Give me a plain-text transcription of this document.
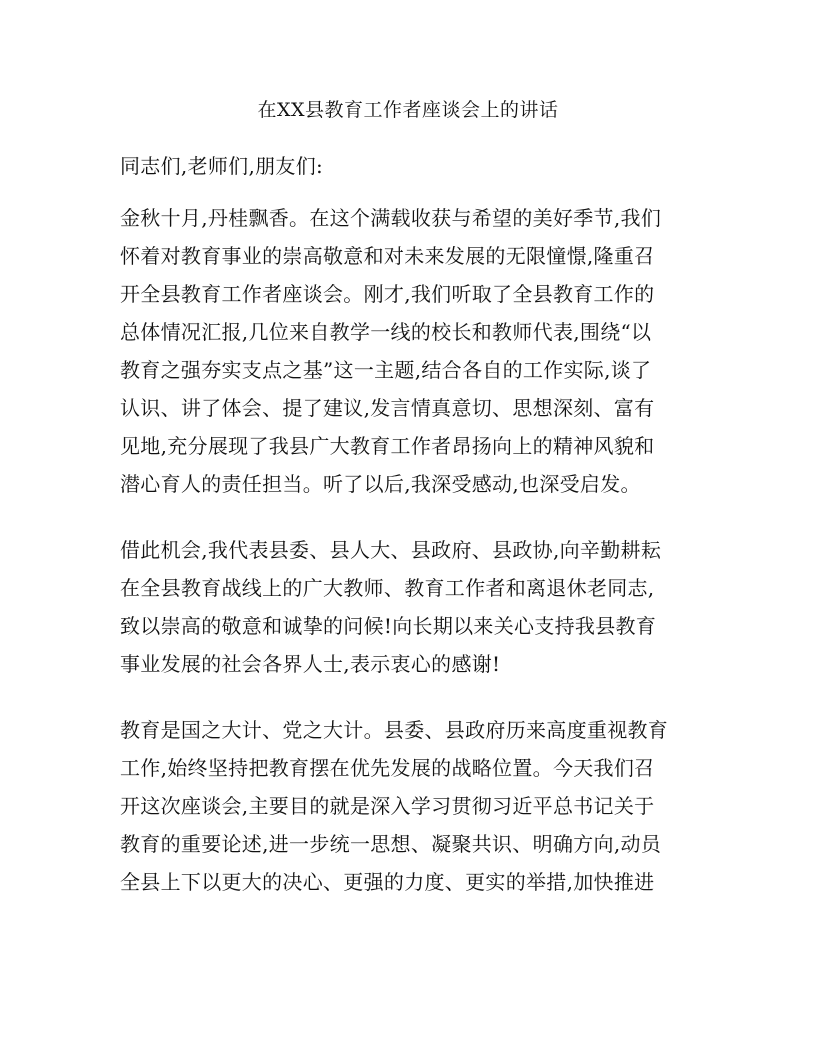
在XX县教育工作者座谈会上的讲话
同志们,老师们,朋友们:
金秋十月,丹桂飘香。在这个满载收获与希望的美好季节,我们
怀着对教育事业的崇高敬意和对未来发展的无限憧憬,隆重召
开全县教育工作者座谈会。刚才,我们听取了全县教育工作的
总体情况汇报,几位来自教学一线的校长和教师代表,围绕“以
教育之强夯实支点之基”这一主题,结合各自的工作实际,谈了
认识、讲了体会、提了建议,发言情真意切、思想深刻、富有
见地,充分展现了我县广大教育工作者昂扬向上的精神风貌和
潜心育人的责任担当。听了以后,我深受感动,也深受启发。
借此机会,我代表县委、县人大、县政府、县政协,向辛勤耕耘
在全县教育战线上的广大教师、教育工作者和离退休老同志,
致以崇高的敬意和诚挚的问候!向长期以来关心支持我县教育
事业发展的社会各界人士,表示衷心的感谢!
教育是国之大计、党之大计。县委、县政府历来高度重视教育
工作,始终坚持把教育摆在优先发展的战略位置。今天我们召
开这次座谈会,主要目的就是深入学习贯彻习近平总书记关于
教育的重要论述,进一步统一思想、凝聚共识、明确方向,动员
全县上下以更大的决心、更强的力度、更实的举措,加快推进
